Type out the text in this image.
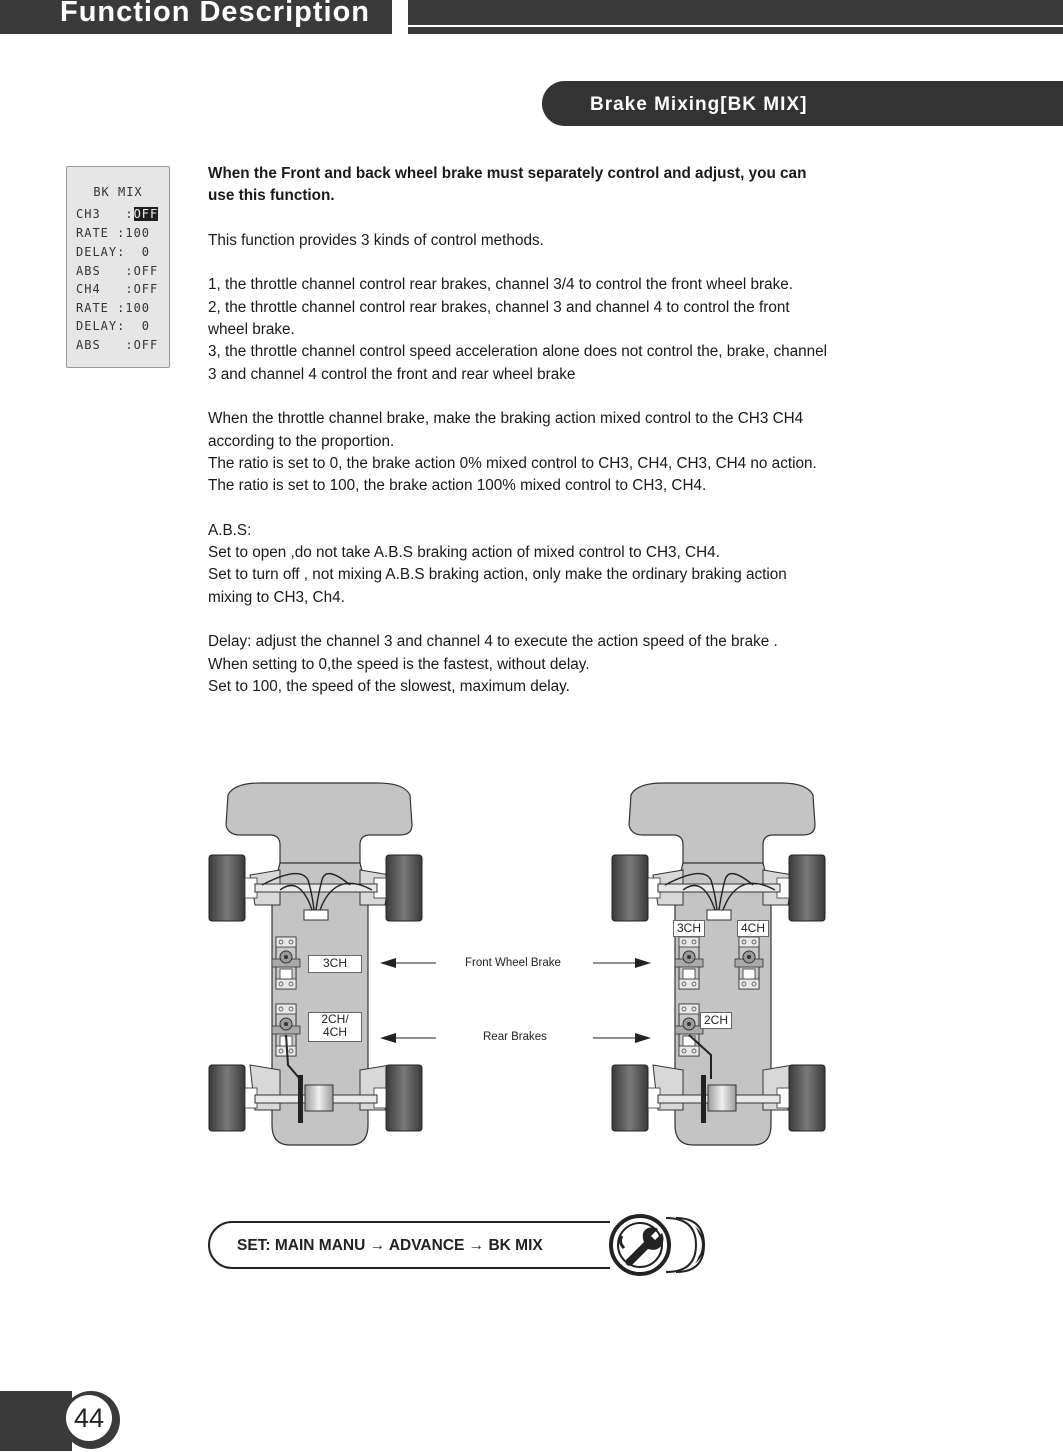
Function Description
Brake Mixing[BK MIX]
BK MIX
CH3   :OFF
RATE :100
DELAY:  0
ABS   :OFF
CH4   :OFF
RATE :100
DELAY:  0
ABS   :OFF

When the Front and back wheel brake must separately control and adjust, you can

use this function.

This function provides 3 kinds of control methods.

1, the throttle channel control rear brakes, channel 3/4 to control the front wheel brake.

2, the throttle channel control rear brakes, channel 3 and channel 4 to control the front

wheel brake.

3, the throttle channel control speed acceleration alone does not control the, brake, channel

3 and channel 4 control the front and rear wheel brake

When the throttle channel brake, make the braking action mixed control to the CH3 CH4

according to the proportion.

The ratio is set to 0, the brake action 0% mixed control to CH3, CH4, CH3, CH4 no action.

The ratio is set to 100, the brake action 100% mixed control to CH3, CH4.

A.B.S:

Set to open ,do not take A.B.S braking action of mixed control to CH3, CH4.

Set to turn off , not mixing A.B.S braking action, only make the ordinary braking action

mixing to CH3, Ch4.

Delay: adjust the channel 3 and channel 4 to execute the action speed of the brake .

When setting to 0,the speed is the fastest, without delay.

Set to 100, the speed of the slowest, maximum delay.

3CH
2CH/
4CH
3CH	4CH
2CH
Front Wheel Brake
Rear Brakes
SET: MAIN MANU → ADVANCE → BK MIX
44
